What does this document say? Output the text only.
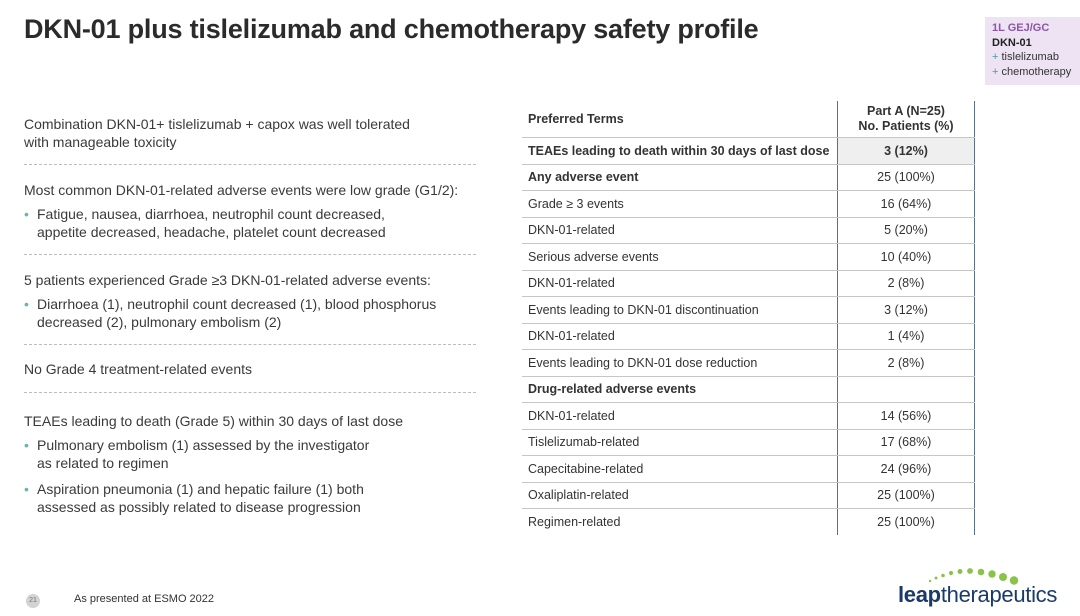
DKN-01 plus tislelizumab and chemotherapy safety profile	1L GEJ/GC
DKN-01
+ tislelizumab
+ chemotherapy

Combination DKN-01+ tislelizumab + capox was well tolerated with manageable toxicity

Most common DKN-01-related adverse events were low grade (G1/2):

• Fatigue, nausea, diarrhoea, neutrophil count decreased, appetite decreased, headache, platelet count decreased

5 patients experienced Grade ≥3 DKN-01-related adverse events:

• Diarrhoea (1), neutrophil count decreased (1), blood phosphorus decreased (2), pulmonary embolism (2)

No Grade 4 treatment-related events

TEAEs leading to death (Grade 5) within 30 days of last dose

• Pulmonary embolism (1) assessed by the investigator as related to regimen
• Aspiration pneumonia (1) and hepatic failure (1) both assessed as possibly related to disease progression
Preferred Terms	Part A (N=25)
No. Patients (%)
TEAEs leading to death within 30 days of last dose	3 (12%)
Any adverse event	25 (100%)
Grade ≥ 3 events	16 (64%)
DKN-01-related	5 (20%)
Serious adverse events	10 (40%)
DKN-01-related	2 (8%)
Events leading to DKN-01 discontinuation	3 (12%)
DKN-01-related	1 (4%)
Events leading to DKN-01 dose reduction	2 (8%)
Drug-related adverse events	
DKN-01-related	14 (56%)
Tislelizumab-related	17 (68%)
Capecitabine-related	24 (96%)
Oxaliplatin-related	25 (100%)
Regimen-related	25 (100%)
21	As presented at ESMO 2022	leaptherapeutics
